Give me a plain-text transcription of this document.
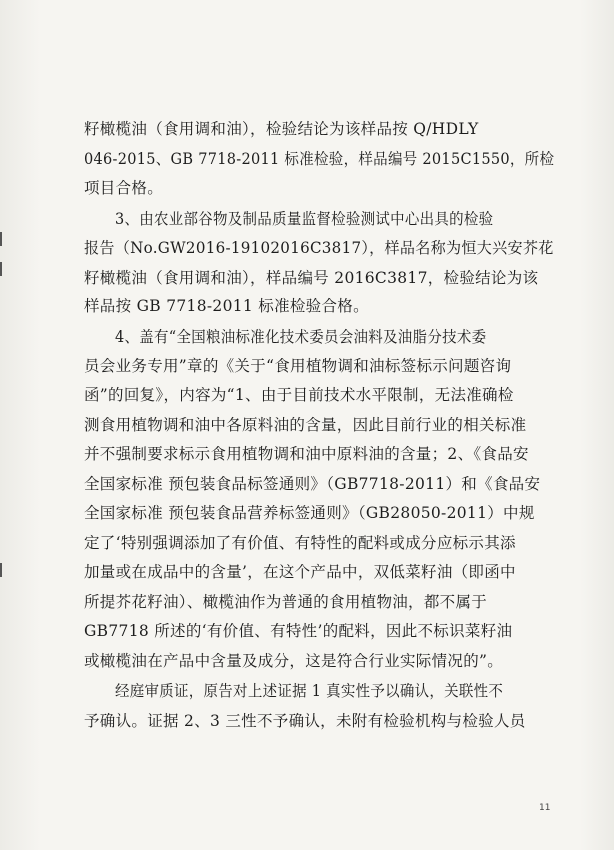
籽橄榄油（食用调和油），检验结论为该样品按 Q/HDLY
046-2015、GB 7718-2011 标准检验，样品编号 2015C1550，所检
项目合格。
3、由农业部谷物及制品质量监督检验测试中心出具的检验
报告（No.GW2016-19102016C3817），样品名称为恒大兴安芥花
籽橄榄油（食用调和油），样品编号 2016C3817，检验结论为该
样品按 GB 7718-2011 标准检验合格。
4、盖有“全国粮油标准化技术委员会油料及油脂分技术委
员会业务专用”章的《关于“食用植物调和油标签标示问题咨询
函”的回复》，内容为“1、由于目前技术水平限制，无法准确检
测食用植物调和油中各原料油的含量，因此目前行业的相关标准
并不强制要求标示食用植物调和油中原料油的含量；2、《食品安
全国家标准 预包装食品标签通则》（GB7718-2011）和《食品安
全国家标准 预包装食品营养标签通则》（GB28050-2011）中规
定了‘特别强调添加了有价值、有特性的配料或成分应标示其添
加量或在成品中的含量’，在这个产品中，双低菜籽油（即函中
所提芥花籽油）、橄榄油作为普通的食用植物油，都不属于
GB7718 所述的‘有价值、有特性’的配料，因此不标识菜籽油
或橄榄油在产品中含量及成分，这是符合行业实际情况的”。
经庭审质证，原告对上述证据 1 真实性予以确认，关联性不
予确认。证据 2、3 三性不予确认，未附有检验机构与检验人员
11
